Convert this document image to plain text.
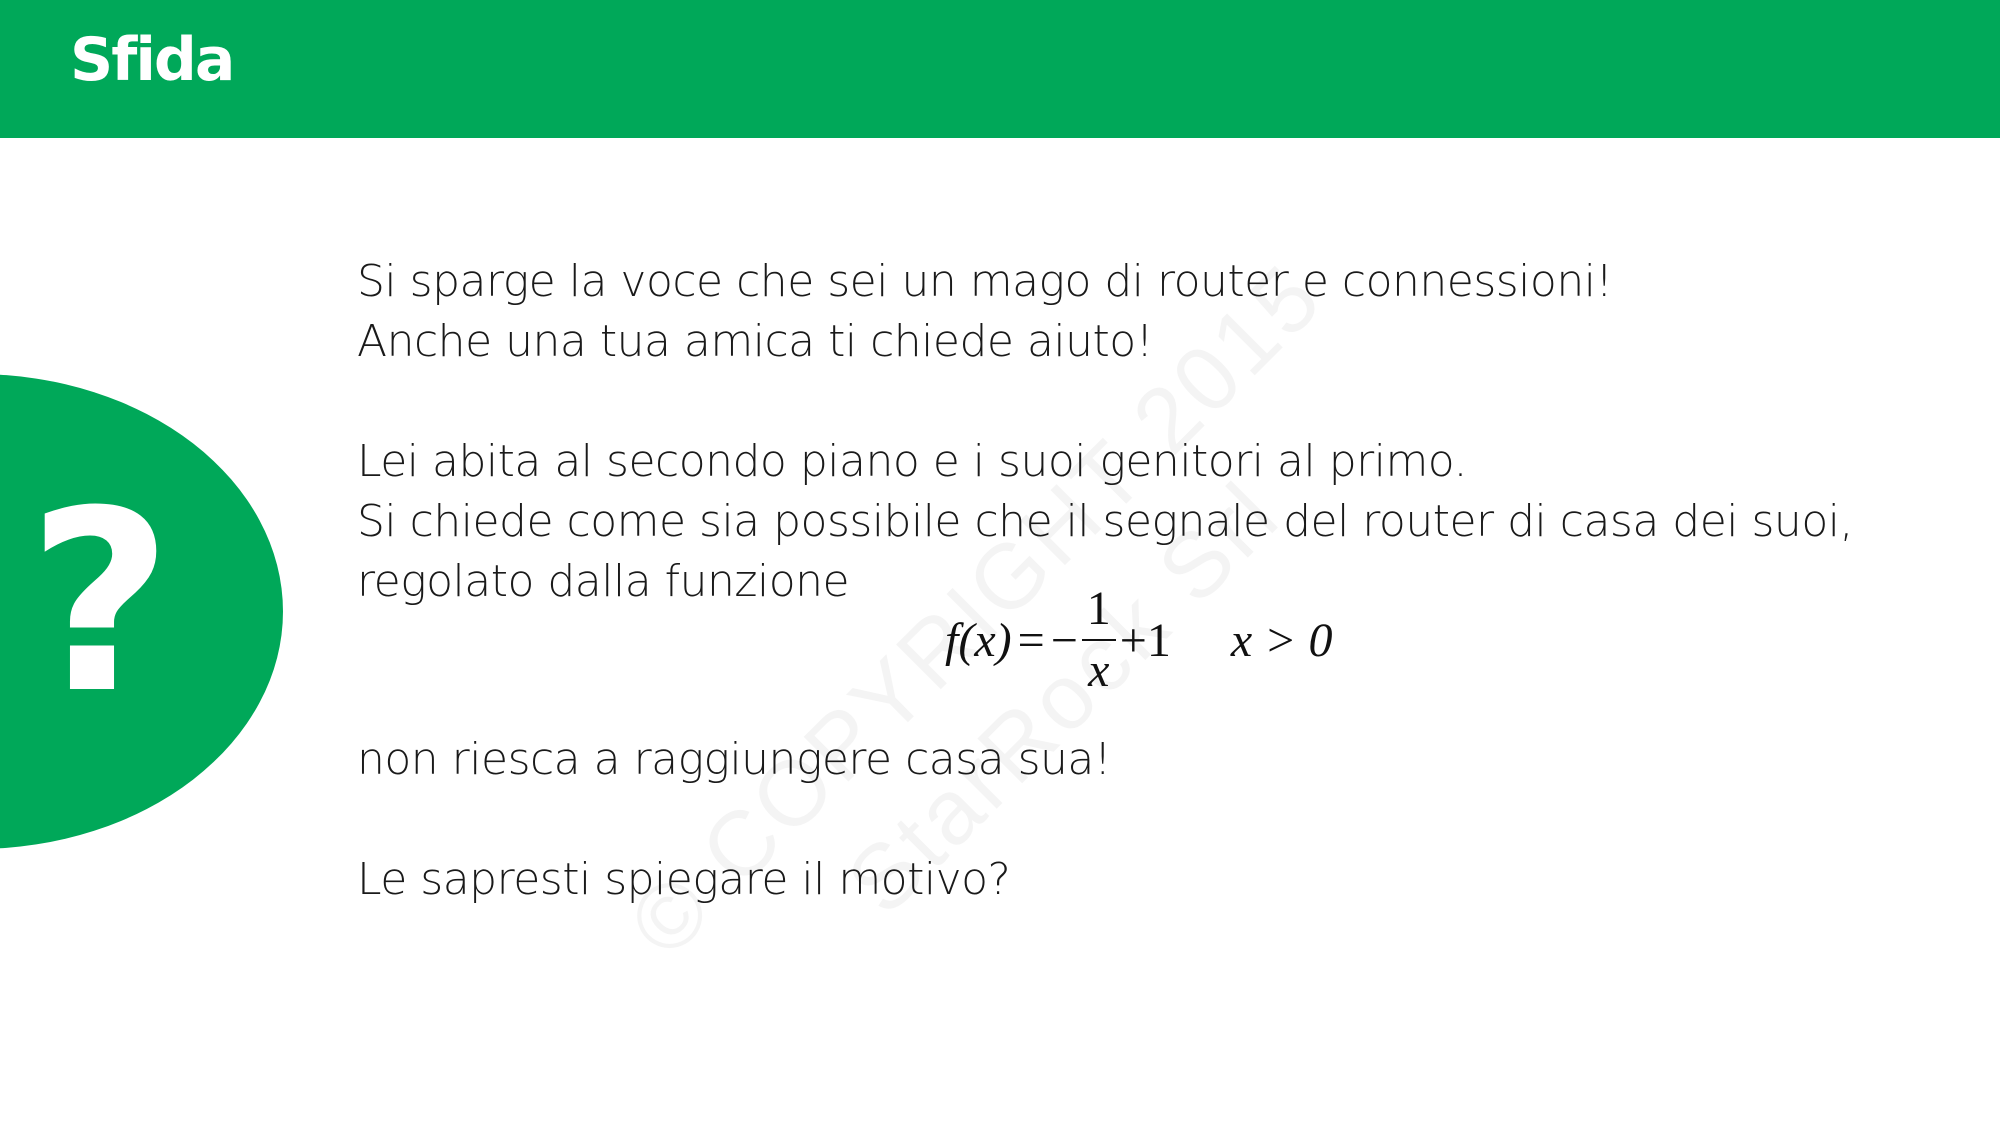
Sfida
?
Si sparge la voce che sei un mago di router e connessioni!
Anche una tua amica ti chiede aiuto!
Lei abita al secondo piano e i suoi genitori al primo.
Si chiede come sia possibile che il segnale del router di casa dei suoi,
regolato dalla funzione
f(x) = − $\frac{1}{x} +1$ x > 0
non riesca a raggiungere casa sua!
Le sapresti spiegare il motivo?
